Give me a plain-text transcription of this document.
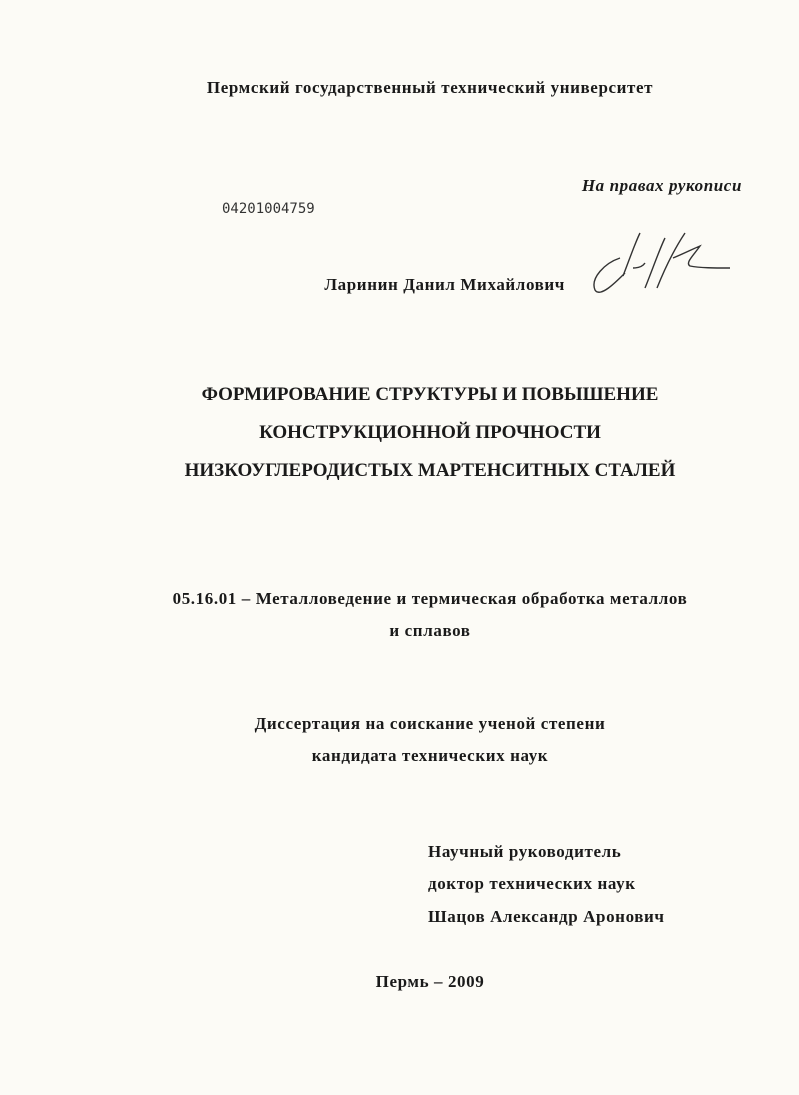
Пермский государственный технический университет
На правах рукописи
04201004759
Ларинин Данил Михайлович
ФОРМИРОВАНИЕ СТРУКТУРЫ И ПОВЫШЕНИЕ
КОНСТРУКЦИОННОЙ ПРОЧНОСТИ
НИЗКОУГЛЕРОДИСТЫХ МАРТЕНСИТНЫХ СТАЛЕЙ
05.16.01 – Металловедение и термическая обработка металлов
и сплавов
Диссертация на соискание ученой степени
кандидата технических наук
Научный руководитель
доктор технических наук
Шацов Александр Аронович
Пермь – 2009
